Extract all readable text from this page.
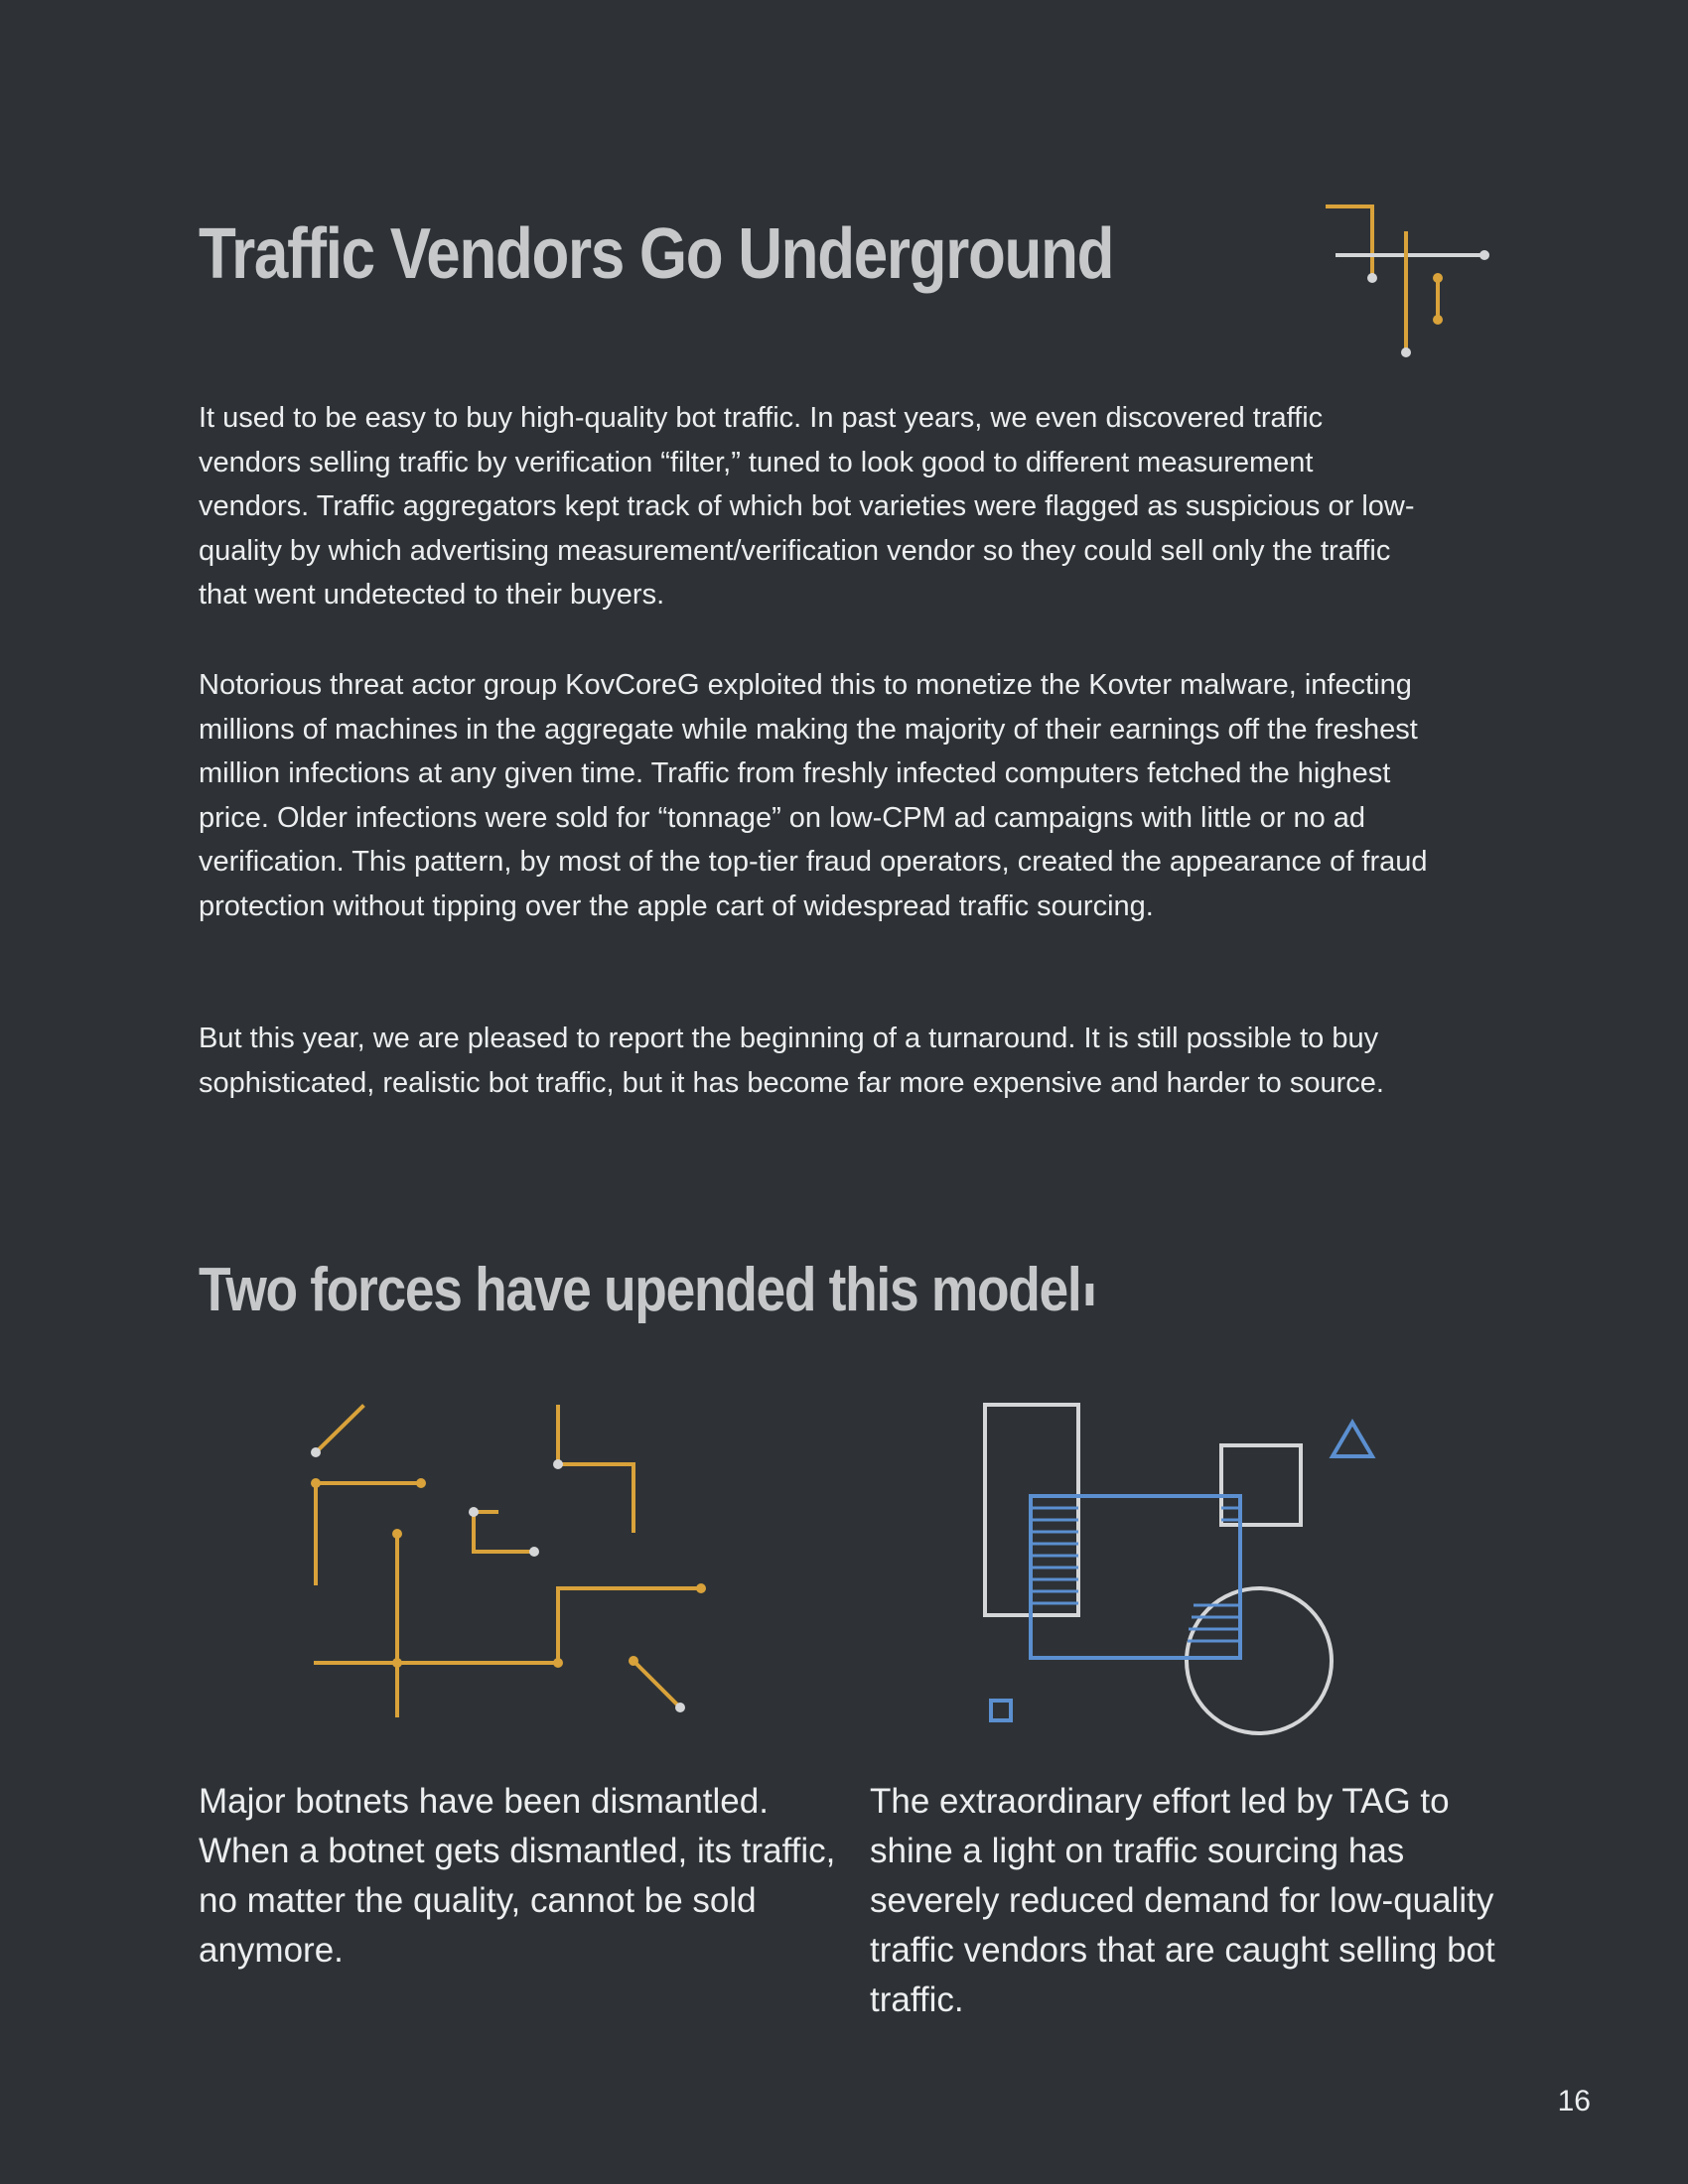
Traffic Vendors Go Underground

It used to be easy to buy high-quality bot traffic. In past years, we even discovered traffic vendors selling traffic by verification “filter,” tuned to look good to different measurement vendors. Traffic aggregators kept track of which bot varieties were flagged as suspicious or low-quality by which advertising measurement/verification vendor so they could sell only the traffic that went undetected to their buyers.

Notorious threat actor group KovCoreG exploited this to monetize the Kovter malware, infecting millions of machines in the aggregate while making the majority of their earnings off the freshest million infections at any given time. Traffic from freshly infected computers fetched the highest price. Older infections were sold for “tonnage” on low-CPM ad campaigns with little or no ad verification. This pattern, by most of the top-tier fraud operators, created the appearance of fraud protection without tipping over the apple cart of widespread traffic sourcing.

But this year, we are pleased to report the beginning of a turnaround. It is still possible to buy sophisticated, realistic bot traffic, but it has become far more expensive and harder to source.

Two forces have upended this model

Major botnets have been dismantled. When a botnet gets dismantled, its traffic, no matter the quality, cannot be sold anymore.

The extraordinary effort led by TAG to shine a light on traffic sourcing has severely reduced demand for low-quality traffic vendors that are caught selling bot traffic.

16
